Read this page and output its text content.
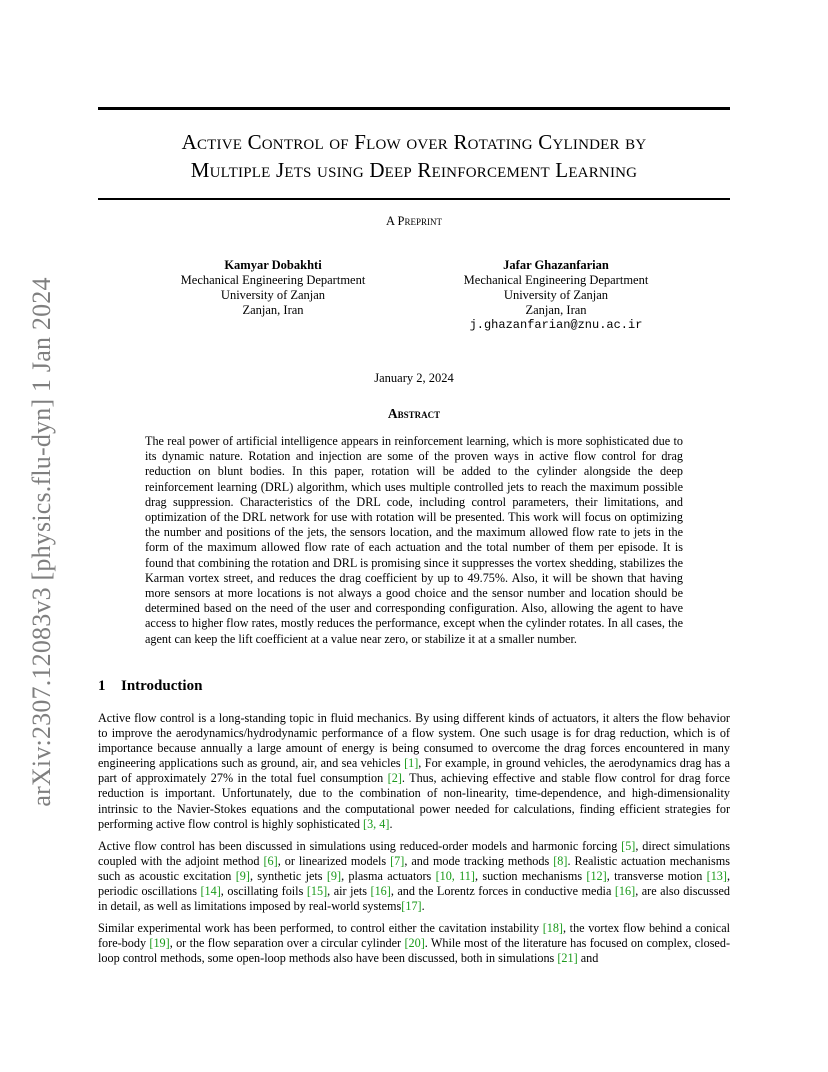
arXiv:2307.12083v3 [physics.flu-dyn] 1 Jan 2024
Active Control of Flow over Rotating Cylinder by
Multiple Jets using Deep Reinforcement Learning
A Preprint
Kamyar Dobakhti
Mechanical Engineering Department
University of Zanjan
Zanjan, Iran
Jafar Ghazanfarian
Mechanical Engineering Department
University of Zanjan
Zanjan, Iran
j.ghazanfarian@znu.ac.ir
January 2, 2024
Abstract
The real power of artificial intelligence appears in reinforcement learning, which is more sophisticated due to its dynamic nature. Rotation and injection are some of the proven ways in active flow control for drag reduction on blunt bodies. In this paper, rotation will be added to the cylinder alongside the deep reinforcement learning (DRL) algorithm, which uses multiple controlled jets to reach the maximum possible drag suppression. Characteristics of the DRL code, including control parameters, their limitations, and optimization of the DRL network for use with rotation will be presented. This work will focus on optimizing the number and positions of the jets, the sensors location, and the maximum allowed flow rate to jets in the form of the maximum allowed flow rate of each actuation and the total number of them per episode. It is found that combining the rotation and DRL is promising since it suppresses the vortex shedding, stabilizes the Karman vortex street, and reduces the drag coefficient by up to 49.75%. Also, it will be shown that having more sensors at more locations is not always a good choice and the sensor number and location should be determined based on the need of the user and corresponding configuration. Also, allowing the agent to have access to higher flow rates, mostly reduces the performance, except when the cylinder rotates. In all cases, the agent can keep the lift coefficient at a value near zero, or stabilize it at a smaller number.
1 Introduction

Active flow control is a long-standing topic in fluid mechanics. By using different kinds of actuators, it alters the flow behavior to improve the aerodynamics/hydrodynamic performance of a flow system. One such usage is for drag reduction, which is of importance because annually a large amount of energy is being consumed to overcome the drag forces encountered in many engineering applications such as ground, air, and sea vehicles [1], For example, in ground vehicles, the aerodynamics drag has a part of approximately 27% in the total fuel consumption [2]. Thus, achieving effective and stable flow control for drag force reduction is important. Unfortunately, due to the combination of non-linearity, time-dependence, and high-dimensionality intrinsic to the Navier-Stokes equations and the computational power needed for calculations, finding efficient strategies for performing active flow control is highly sophisticated [3, 4].

Active flow control has been discussed in simulations using reduced-order models and harmonic forcing [5], direct simulations coupled with the adjoint method [6], or linearized models [7], and mode tracking methods [8]. Realistic actuation mechanisms such as acoustic excitation [9], synthetic jets [9], plasma actuators [10, 11], suction mechanisms [12], transverse motion [13], periodic oscillations [14], oscillating foils [15], air jets [16], and the Lorentz forces in conductive media [16], are also discussed in detail, as well as limitations imposed by real-world systems[17].

Similar experimental work has been performed, to control either the cavitation instability [18], the vortex flow behind a conical fore-body [19], or the flow separation over a circular cylinder [20]. While most of the literature has focused on complex, closed-loop control methods, some open-loop methods also have been discussed, both in simulations [21] and
